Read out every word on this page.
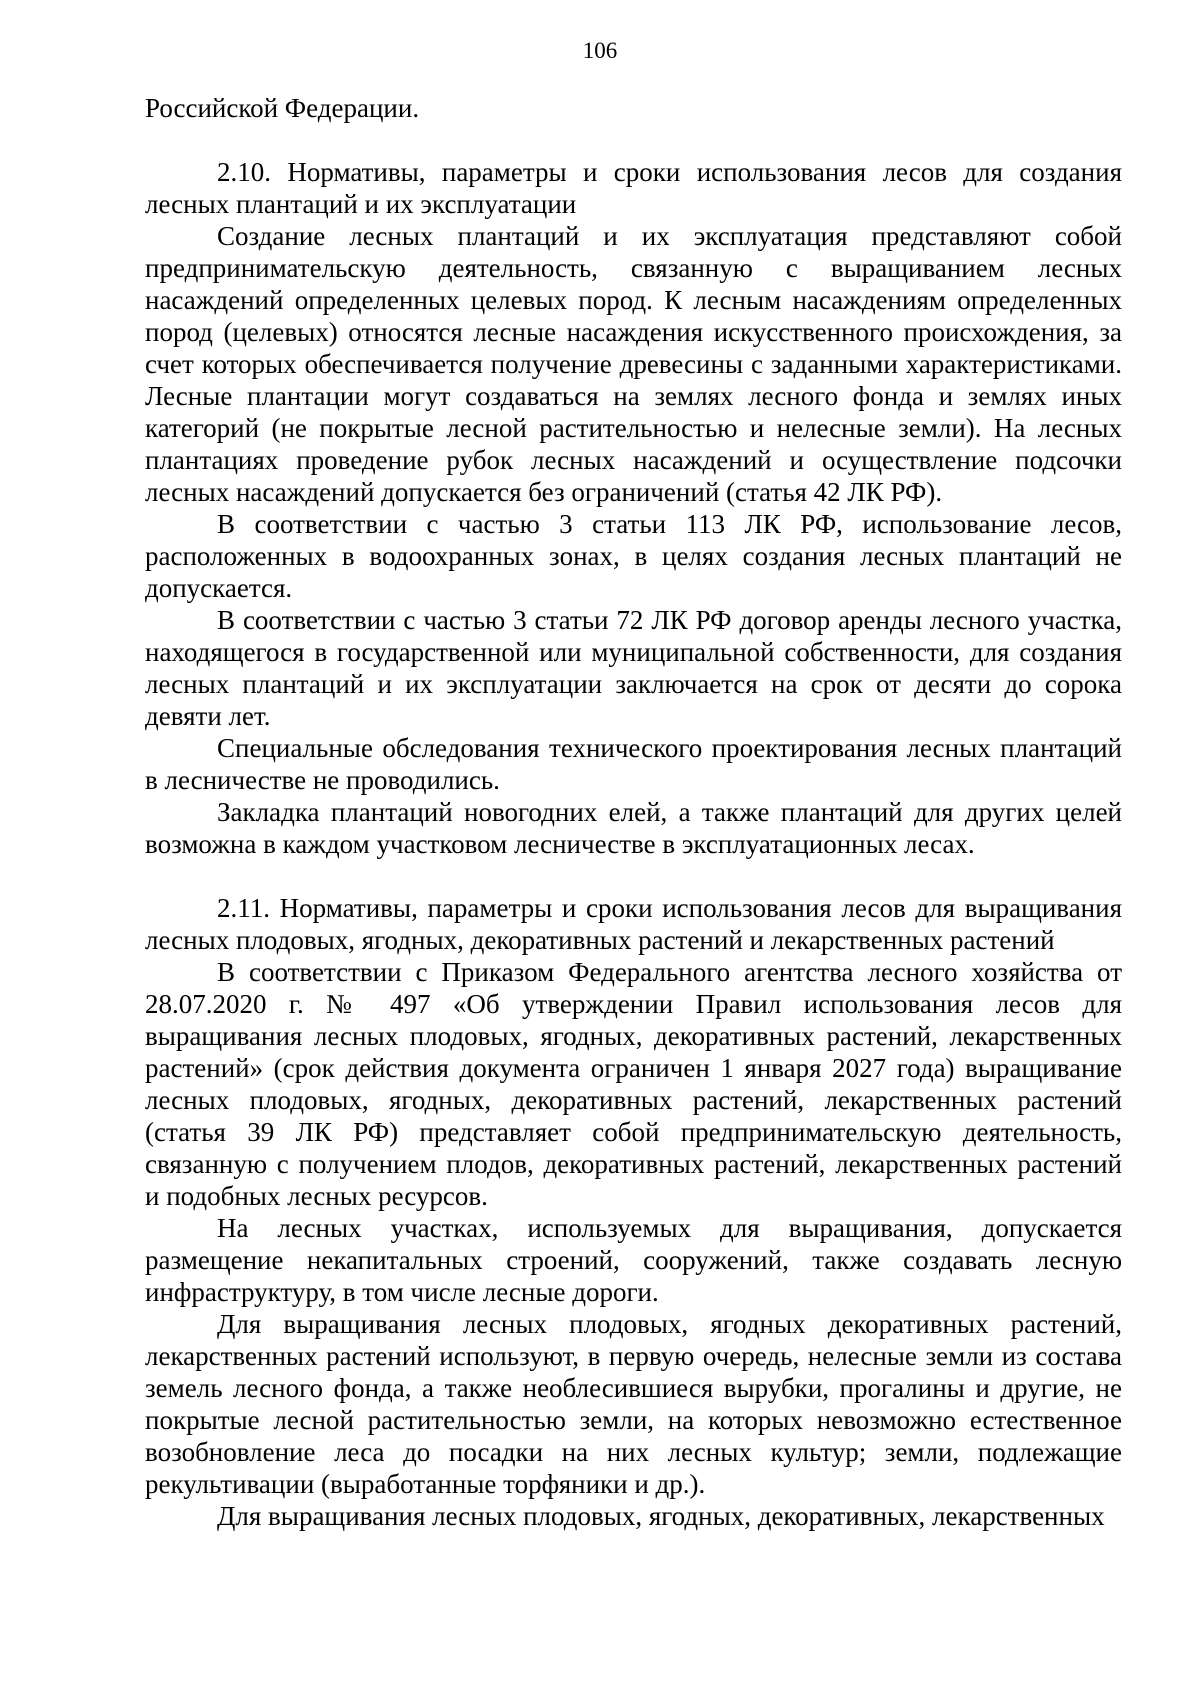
106

Российской Федерации.

2.10. Нормативы, параметры и сроки использования лесов для создания лесных плантаций и их эксплуатации

Создание лесных плантаций и их эксплуатация представляют собой предпринимательскую деятельность, связанную с выращиванием лесных насаждений определенных целевых пород. К лесным насаждениям определенных пород (целевых) относятся лесные насаждения искусственного происхождения, за счет которых обеспечивается получение древесины с заданными характеристиками. Лесные плантации могут создаваться на землях лесного фонда и землях иных категорий (не покрытые лесной растительностью и нелесные земли). На лесных плантациях проведение рубок лесных насаждений и осуществление подсочки лесных насаждений допускается без ограничений (статья 42 ЛК РФ).

В соответствии с частью 3 статьи 113 ЛК РФ, использование лесов, расположенных в водоохранных зонах, в целях создания лесных плантаций не допускается.

В соответствии с частью 3 статьи 72 ЛК РФ договор аренды лесного участка, находящегося в государственной или муниципальной собственности, для создания лесных плантаций и их эксплуатации заключается на срок от десяти до сорока девяти лет.

Специальные обследования технического проектирования лесных плантаций в лесничестве не проводились.

Закладка плантаций новогодних елей, а также плантаций для других целей возможна в каждом участковом лесничестве в эксплуатационных лесах.

2.11. Нормативы, параметры и сроки использования лесов для выращивания лесных плодовых, ягодных, декоративных растений и лекарственных растений

В соответствии с Приказом Федерального агентства лесного хозяйства от 28.07.2020 г. № 497 «Об утверждении Правил использования лесов для выращивания лесных плодовых, ягодных, декоративных растений, лекарственных растений» (срок действия документа ограничен 1 января 2027 года) выращивание лесных плодовых, ягодных, декоративных растений, лекарственных растений (статья 39 ЛК РФ) представляет собой предпринимательскую деятельность, связанную с получением плодов, декоративных растений, лекарственных растений и подобных лесных ресурсов.

На лесных участках, используемых для выращивания, допускается размещение некапитальных строений, сооружений, также создавать лесную инфраструктуру, в том числе лесные дороги.

Для выращивания лесных плодовых, ягодных декоративных растений, лекарственных растений используют, в первую очередь, нелесные земли из состава земель лесного фонда, а также необлесившиеся вырубки, прогалины и другие, не покрытые лесной растительностью земли, на которых невозможно естественное возобновление леса до посадки на них лесных культур; земли, подлежащие рекультивации (выработанные торфяники и др.).

Для выращивания лесных плодовых, ягодных, декоративных, лекарственных
